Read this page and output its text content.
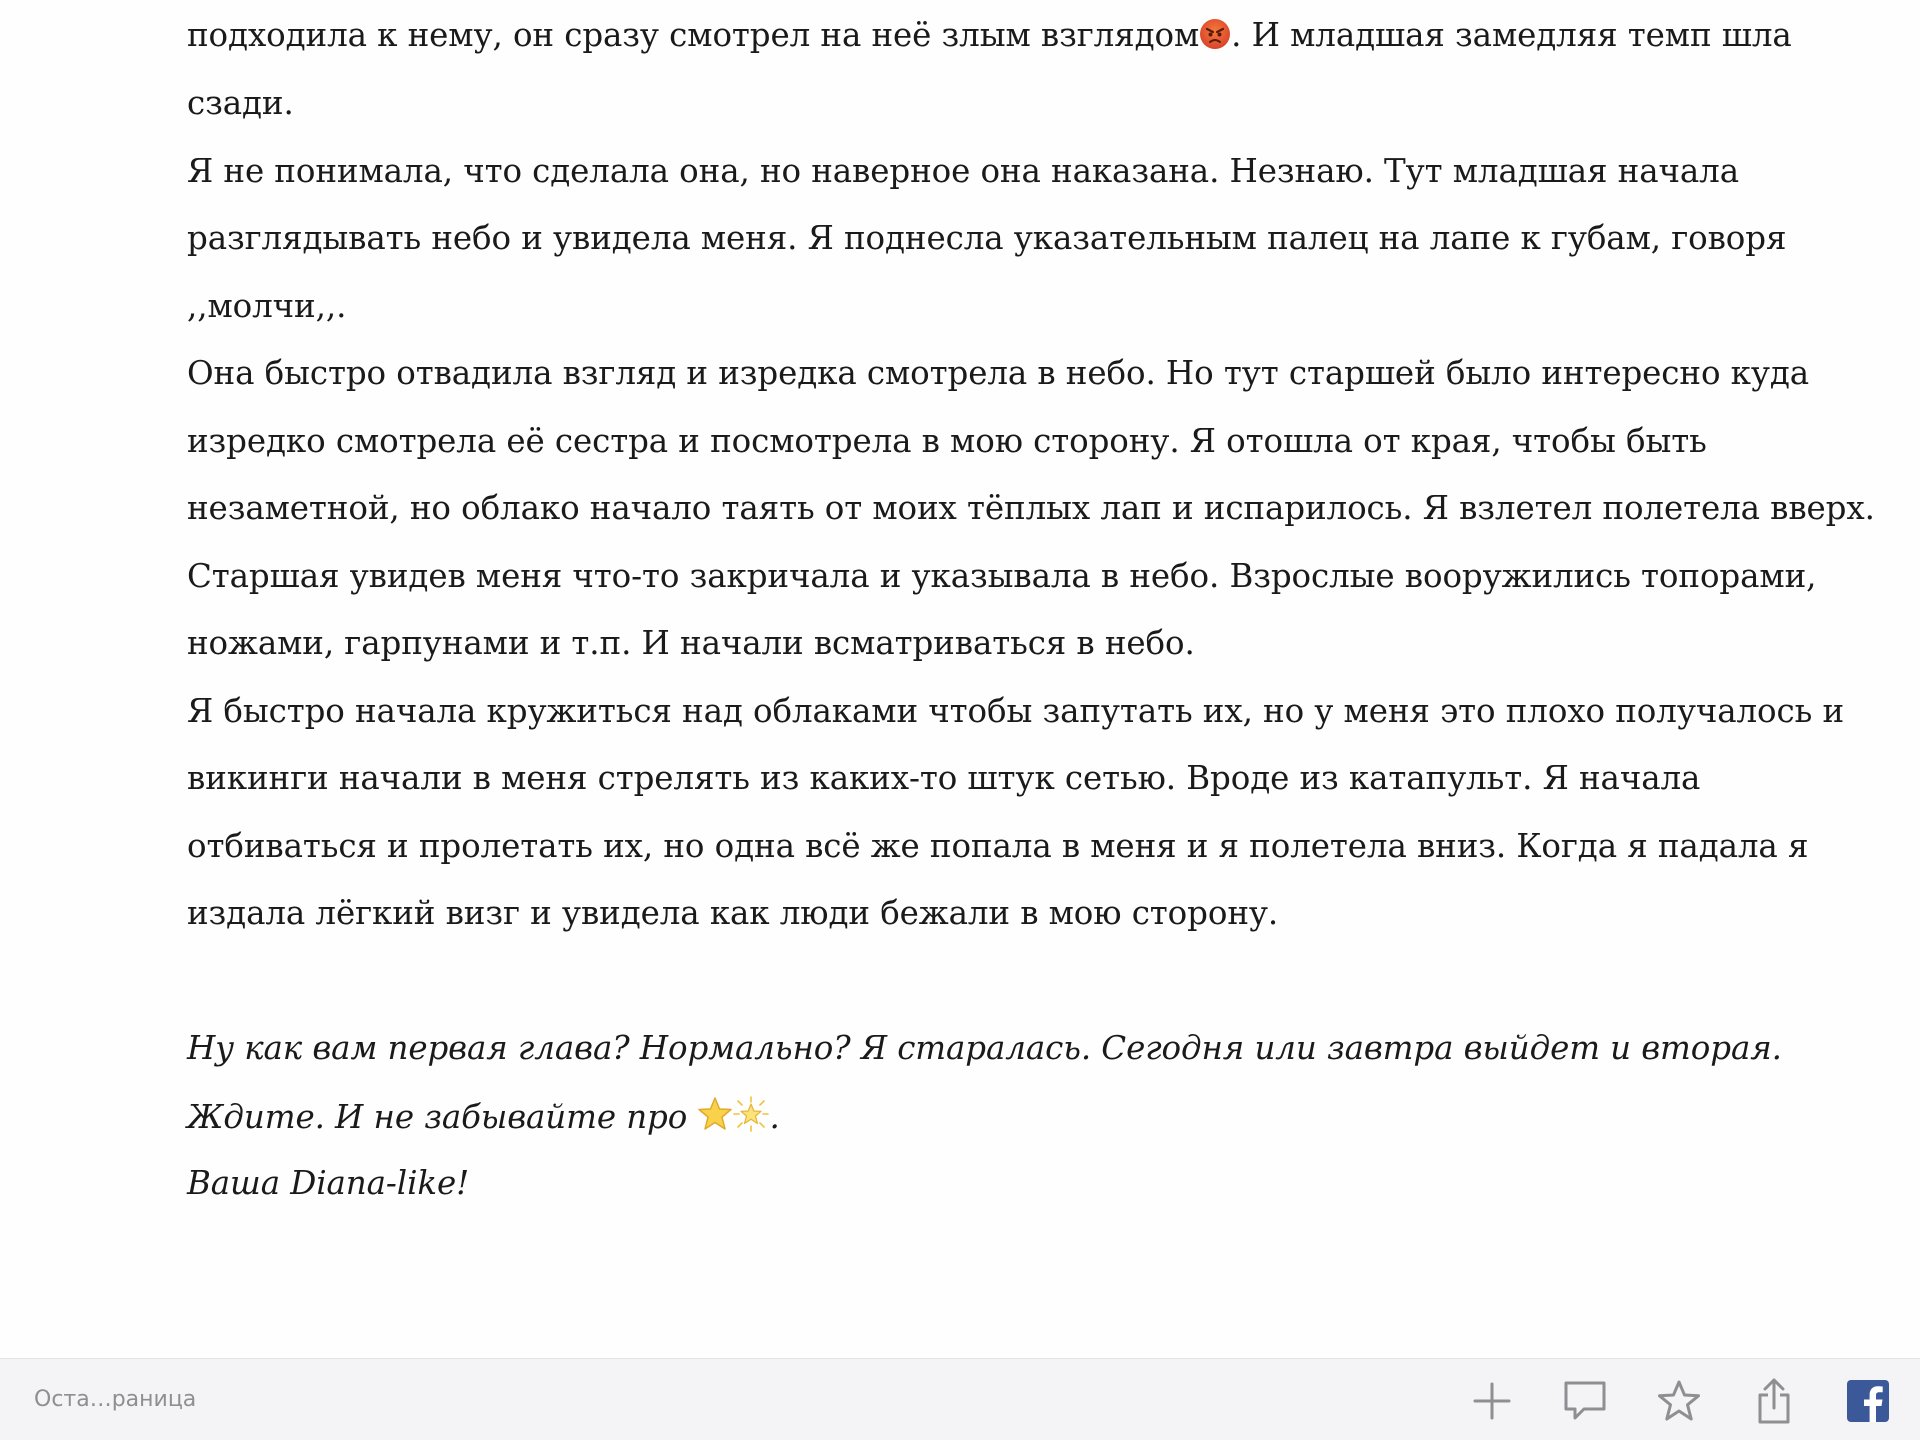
подходила к нему, он сразу смотрел на неё злым взглядом . И младшая замедляя темп шла
сзади.
Я не понимала, что сделала она, но наверное она наказана. Незнаю. Тут младшая начала
разглядывать небо и увидела меня. Я поднесла указательным палец на лапе к губам, говоря
,,молчи,,.
Она быстро отвадила взгляд и изредка смотрела в небо. Но тут старшей было интересно куда
изредко смотрела её сестра и посмотрела в мою сторону. Я отошла от края, чтобы быть
незаметной, но облако начало таять от моих тёплых лап и испарилось. Я взлетел полетела вверх.
Старшая увидев меня что-то закричала и указывала в небо. Взрослые вооружились топорами,
ножами, гарпунами и т.п. И начали всматриваться в небо.
Я быстро начала кружиться над облаками чтобы запутать их, но у меня это плохо получалось и
викинги начали в меня стрелять из каких-то штук сетью. Вроде из катапульт. Я начала
отбиваться и пролетать их, но одна всё же попала в меня и я полетела вниз. Когда я падала я
издала лёгкий визг и увидела как люди бежали в мою сторону.
Ну как вам первая глава? Нормально? Я старалась. Сегодня или завтра выйдет и вторая.
Ждите. И не забывайте про .
Ваша Diana-like!
Оста…раница
